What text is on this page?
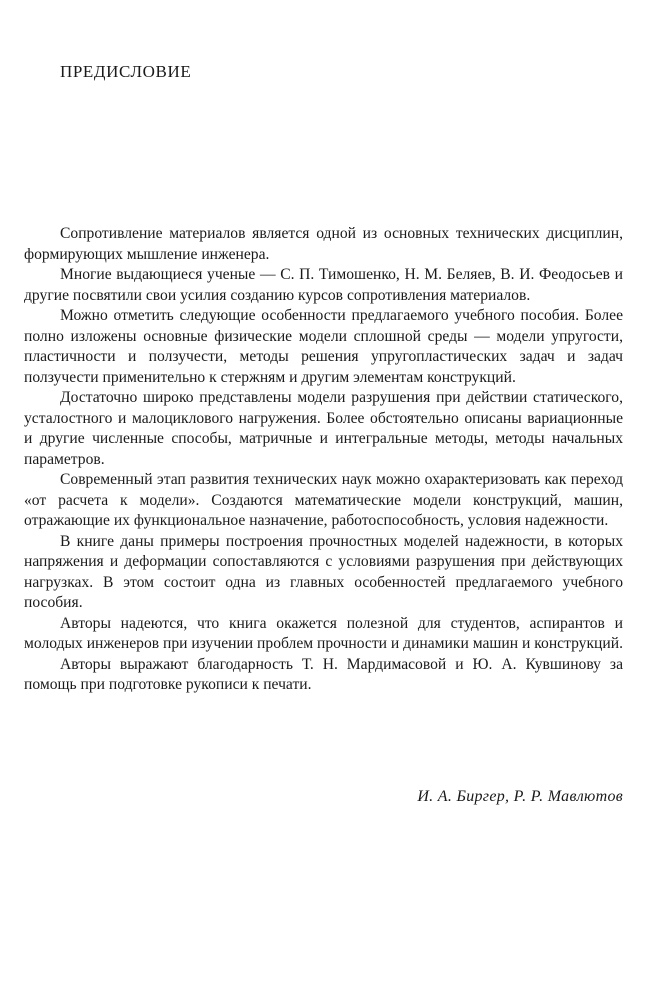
ПРЕДИСЛОВИЕ

Сопротивление материалов является одной из основных технических дисциплин, формирующих мышление инженера.

Многие выдающиеся ученые — С. П. Тимошенко, Н. М. Беляев, В. И. Феодосьев и другие посвятили свои усилия созданию курсов сопротивления материалов.

Можно отметить следующие особенности предлагаемого учебного пособия. Более полно изложены основные физические модели сплошной среды — модели упругости, пластичности и ползучести, методы решения упругопластических задач и задач ползучести применительно к стержням и другим элементам конструкций.

Достаточно широко представлены модели разрушения при действии статического, усталостного и малоциклового нагружения. Более обстоятельно описаны вариационные и другие численные способы, матричные и интегральные методы, методы начальных параметров.

Современный этап развития технических наук можно охарактеризовать как переход «от расчета к модели». Создаются математические модели конструкций, машин, отражающие их функциональное назначение, работоспособность, условия надежности.

В книге даны примеры построения прочностных моделей надежности, в которых напряжения и деформации сопоставляются с условиями разрушения при действующих нагрузках. В этом состоит одна из главных особенностей предлагаемого учебного пособия.

Авторы надеются, что книга окажется полезной для студентов, аспирантов и молодых инженеров при изучении проблем прочности и динамики машин и конструкций.

Авторы выражают благодарность Т. Н. Мардимасовой и Ю. А. Кувшинову за помощь при подготовке рукописи к печати.

И. А. Биргер, Р. Р. Мавлютов
